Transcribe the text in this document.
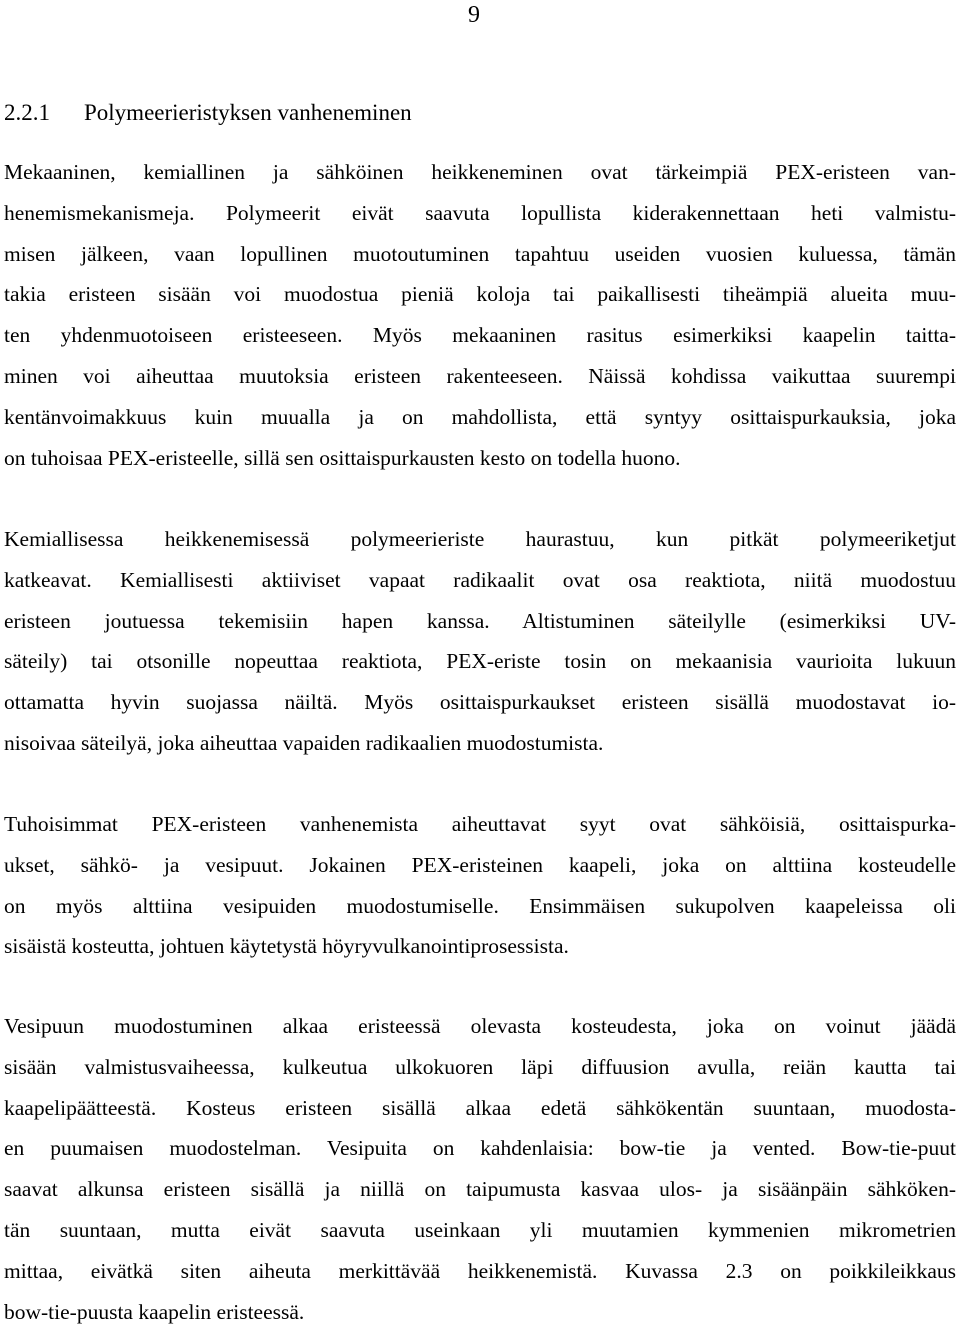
9
2.2.1 Polymeerieristyksen vanheneminen
Mekaaninen, kemiallinen ja sähköinen heikkeneminen ovat tärkeimpiä PEX-eristeen van-
henemismekanismeja. Polymeerit eivät saavuta lopullista kiderakennettaan heti valmistu-
misen jälkeen, vaan lopullinen muotoutuminen tapahtuu useiden vuosien kuluessa, tämän
takia eristeen sisään voi muodostua pieniä koloja tai paikallisesti tiheämpiä alueita muu-
ten yhdenmuotoiseen eristeeseen. Myös mekaaninen rasitus esimerkiksi kaapelin taitta-
minen voi aiheuttaa muutoksia eristeen rakenteeseen. Näissä kohdissa vaikuttaa suurempi
kentänvoimakkuus kuin muualla ja on mahdollista, että syntyy osittaispurkauksia, joka
on tuhoisaa PEX-eristeelle, sillä sen osittaispurkausten kesto on todella huono.
Kemiallisessa heikkenemisessä polymeerieriste haurastuu, kun pitkät polymeeriketjut
katkeavat. Kemiallisesti aktiiviset vapaat radikaalit ovat osa reaktiota, niitä muodostuu
eristeen joutuessa tekemisiin hapen kanssa. Altistuminen säteilylle (esimerkiksi UV-
säteily) tai otsonille nopeuttaa reaktiota, PEX-eriste tosin on mekaanisia vaurioita lukuun
ottamatta hyvin suojassa näiltä. Myös osittaispurkaukset eristeen sisällä muodostavat io-
nisoivaa säteilyä, joka aiheuttaa vapaiden radikaalien muodostumista.
Tuhoisimmat PEX-eristeen vanhenemista aiheuttavat syyt ovat sähköisiä, osittaispurka-
ukset, sähkö- ja vesipuut. Jokainen PEX-eristeinen kaapeli, joka on alttiina kosteudelle
on myös alttiina vesipuiden muodostumiselle. Ensimmäisen sukupolven kaapeleissa oli
sisäistä kosteutta, johtuen käytetystä höyryvulkanointiprosessista.
Vesipuun muodostuminen alkaa eristeessä olevasta kosteudesta, joka on voinut jäädä
sisään valmistusvaiheessa, kulkeutua ulkokuoren läpi diffuusion avulla, reiän kautta tai
kaapelipäätteestä. Kosteus eristeen sisällä alkaa edetä sähkökentän suuntaan, muodosta-
en puumaisen muodostelman. Vesipuita on kahdenlaisia: bow-tie ja vented. Bow-tie-puut
saavat alkunsa eristeen sisällä ja niillä on taipumusta kasvaa ulos- ja sisäänpäin sähköken-
tän suuntaan, mutta eivät saavuta useinkaan yli muutamien kymmenien mikrometrien
mittaa, eivätkä siten aiheuta merkittävää heikkenemistä. Kuvassa 2.3 on poikkileikkaus
bow-tie-puusta kaapelin eristeessä.
